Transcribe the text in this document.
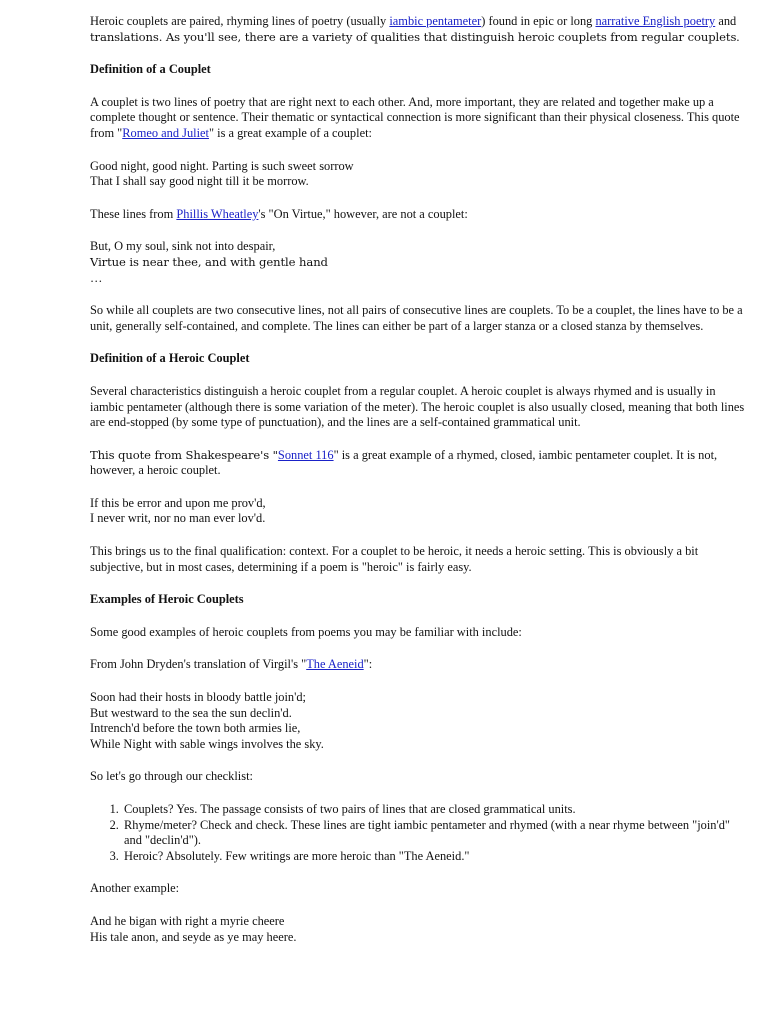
Heroic couplets are paired, rhyming lines of poetry (usually iambic pentameter) found in epic or long narrative English poetry and translations. As you'll see, there are a variety of qualities that distinguish heroic couplets from regular couplets.

Definition of a Couplet

A couplet is two lines of poetry that are right next to each other. And, more important, they are related and together make up a complete thought or sentence. Their thematic or syntactical connection is more significant than their physical closeness. This quote from "Romeo and Juliet" is a great example of a couplet:

Good night, good night. Parting is such sweet sorrow
That I shall say good night till it be morrow.

These lines from Phillis Wheatley's "On Virtue," however, are not a couplet:

But, O my soul, sink not into despair,
Virtue is near thee, and with gentle hand
…

So while all couplets are two consecutive lines, not all pairs of consecutive lines are couplets. To be a couplet, the lines have to be a unit, generally self-contained, and complete. The lines can either be part of a larger stanza or a closed stanza by themselves.

Definition of a Heroic Couplet

Several characteristics distinguish a heroic couplet from a regular couplet. A heroic couplet is always rhymed and is usually in iambic pentameter (although there is some variation of the meter). The heroic couplet is also usually closed, meaning that both lines are end-stopped (by some type of punctuation), and the lines are a self-contained grammatical unit.

This quote from Shakespeare's "Sonnet 116" is a great example of a rhymed, closed, iambic pentameter couplet. It is not, however, a heroic couplet.

If this be error and upon me prov'd,
I never writ, nor no man ever lov'd.

This brings us to the final qualification: context. For a couplet to be heroic, it needs a heroic setting. This is obviously a bit subjective, but in most cases, determining if a poem is "heroic" is fairly easy.

Examples of Heroic Couplets

Some good examples of heroic couplets from poems you may be familiar with include:

From John Dryden's translation of Virgil's "The Aeneid":

Soon had their hosts in bloody battle join'd;
But westward to the sea the sun declin'd.
Intrench'd before the town both armies lie,
While Night with sable wings involves the sky.

So let's go through our checklist:

1. Couplets? Yes. The passage consists of two pairs of lines that are closed grammatical units.
2. Rhyme/meter? Check and check. These lines are tight iambic pentameter and rhymed (with a near rhyme between "join'd" and "declin'd").
3. Heroic? Absolutely. Few writings are more heroic than "The Aeneid."

Another example:

And he bigan with right a myrie cheere
His tale anon, and seyde as ye may heere.
